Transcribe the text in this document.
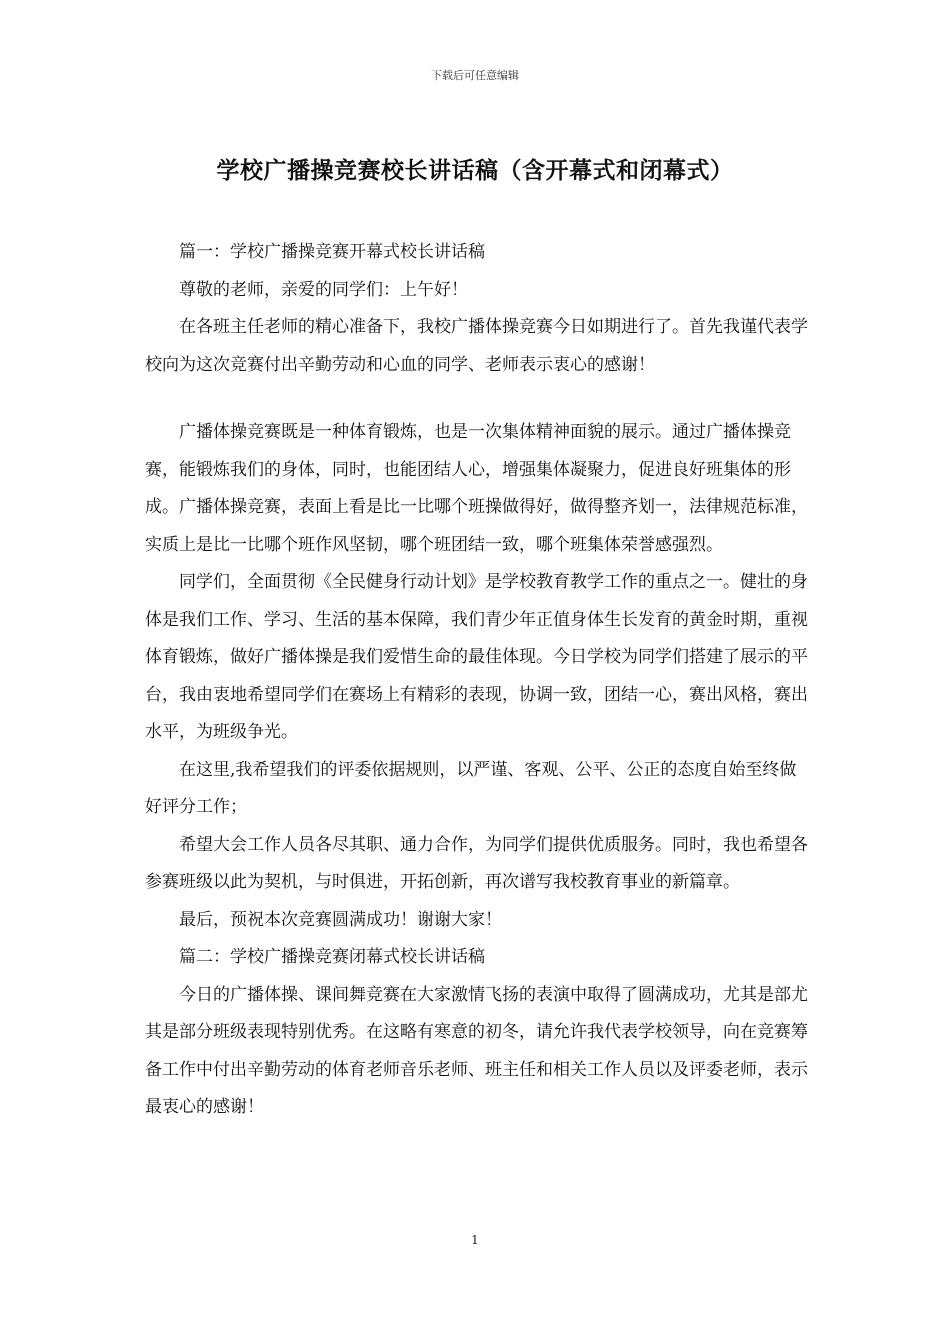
下载后可任意编辑
学校广播操竞赛校长讲话稿（含开幕式和闭幕式）

篇一：学校广播操竞赛开幕式校长讲话稿

尊敬的老师，亲爱的同学们：上午好！

在各班主任老师的精心准备下，我校广播体操竞赛今日如期进行了。首先我谨代表学校向为这次竞赛付出辛勤劳动和心血的同学、老师表示衷心的感谢！

广播体操竞赛既是一种体育锻炼，也是一次集体精神面貌的展示。通过广播体操竞赛，能锻炼我们的身体，同时，也能团结人心，增强集体凝聚力，促进良好班集体的形成。广播体操竞赛，表面上看是比一比哪个班操做得好，做得整齐划一，法律规范标准，实质上是比一比哪个班作风坚韧，哪个班团结一致，哪个班集体荣誉感强烈。

同学们，全面贯彻《全民健身行动计划》是学校教育教学工作的重点之一。健壮的身体是我们工作、学习、生活的基本保障，我们青少年正值身体生长发育的黄金时期，重视体育锻炼，做好广播体操是我们爱惜生命的最佳体现。今日学校为同学们搭建了展示的平台，我由衷地希望同学们在赛场上有精彩的表现，协调一致，团结一心，赛出风格，赛出水平，为班级争光。

在这里,我希望我们的评委依据规则，以严谨、客观、公平、公正的态度自始至终做好评分工作；

希望大会工作人员各尽其职、通力合作，为同学们提供优质服务。同时，我也希望各参赛班级以此为契机，与时俱进，开拓创新，再次谱写我校教育事业的新篇章。

最后，预祝本次竞赛圆满成功！谢谢大家！

篇二：学校广播操竞赛闭幕式校长讲话稿

今日的广播体操、课间舞竞赛在大家激情飞扬的表演中取得了圆满成功，尤其是部尤其是部分班级表现特别优秀。在这略有寒意的初冬，请允许我代表学校领导，向在竞赛筹备工作中付出辛勤劳动的体育老师音乐老师、班主任和相关工作人员以及评委老师，表示最衷心的感谢！

1
